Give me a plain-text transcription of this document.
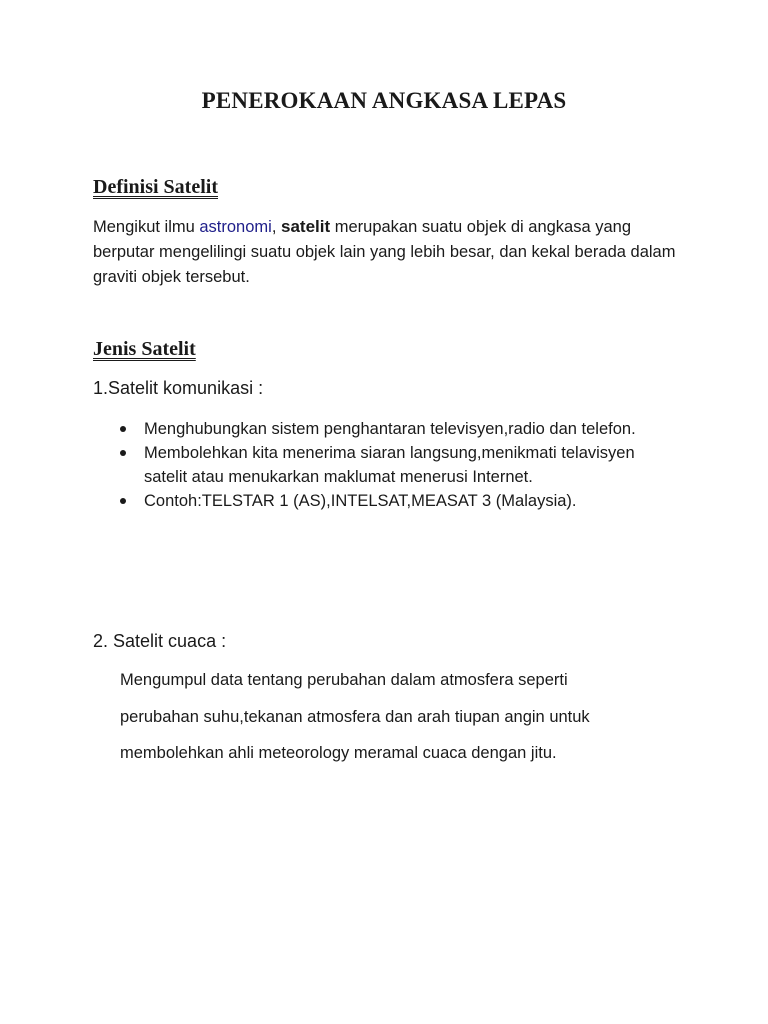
PENEROKAAN ANGKASA LEPAS
Definisi Satelit

Mengikut ilmu astronomi, satelit merupakan suatu objek di angkasa yang berputar mengelilingi suatu objek lain yang lebih besar, dan kekal berada dalam graviti objek tersebut.

Jenis Satelit

1.Satelit komunikasi :

Menghubungkan sistem penghantaran televisyen,radio dan telefon.
Membolehkan kita menerima siaran langsung,menikmati telavisyen satelit atau menukarkan maklumat menerusi Internet.
Contoh:TELSTAR 1 (AS),INTELSAT,MEASAT 3 (Malaysia).

2. Satelit cuaca :

Mengumpul data tentang perubahan dalam atmosfera seperti

perubahan suhu,tekanan atmosfera dan arah tiupan angin untuk

membolehkan ahli meteorology meramal cuaca dengan jitu.
